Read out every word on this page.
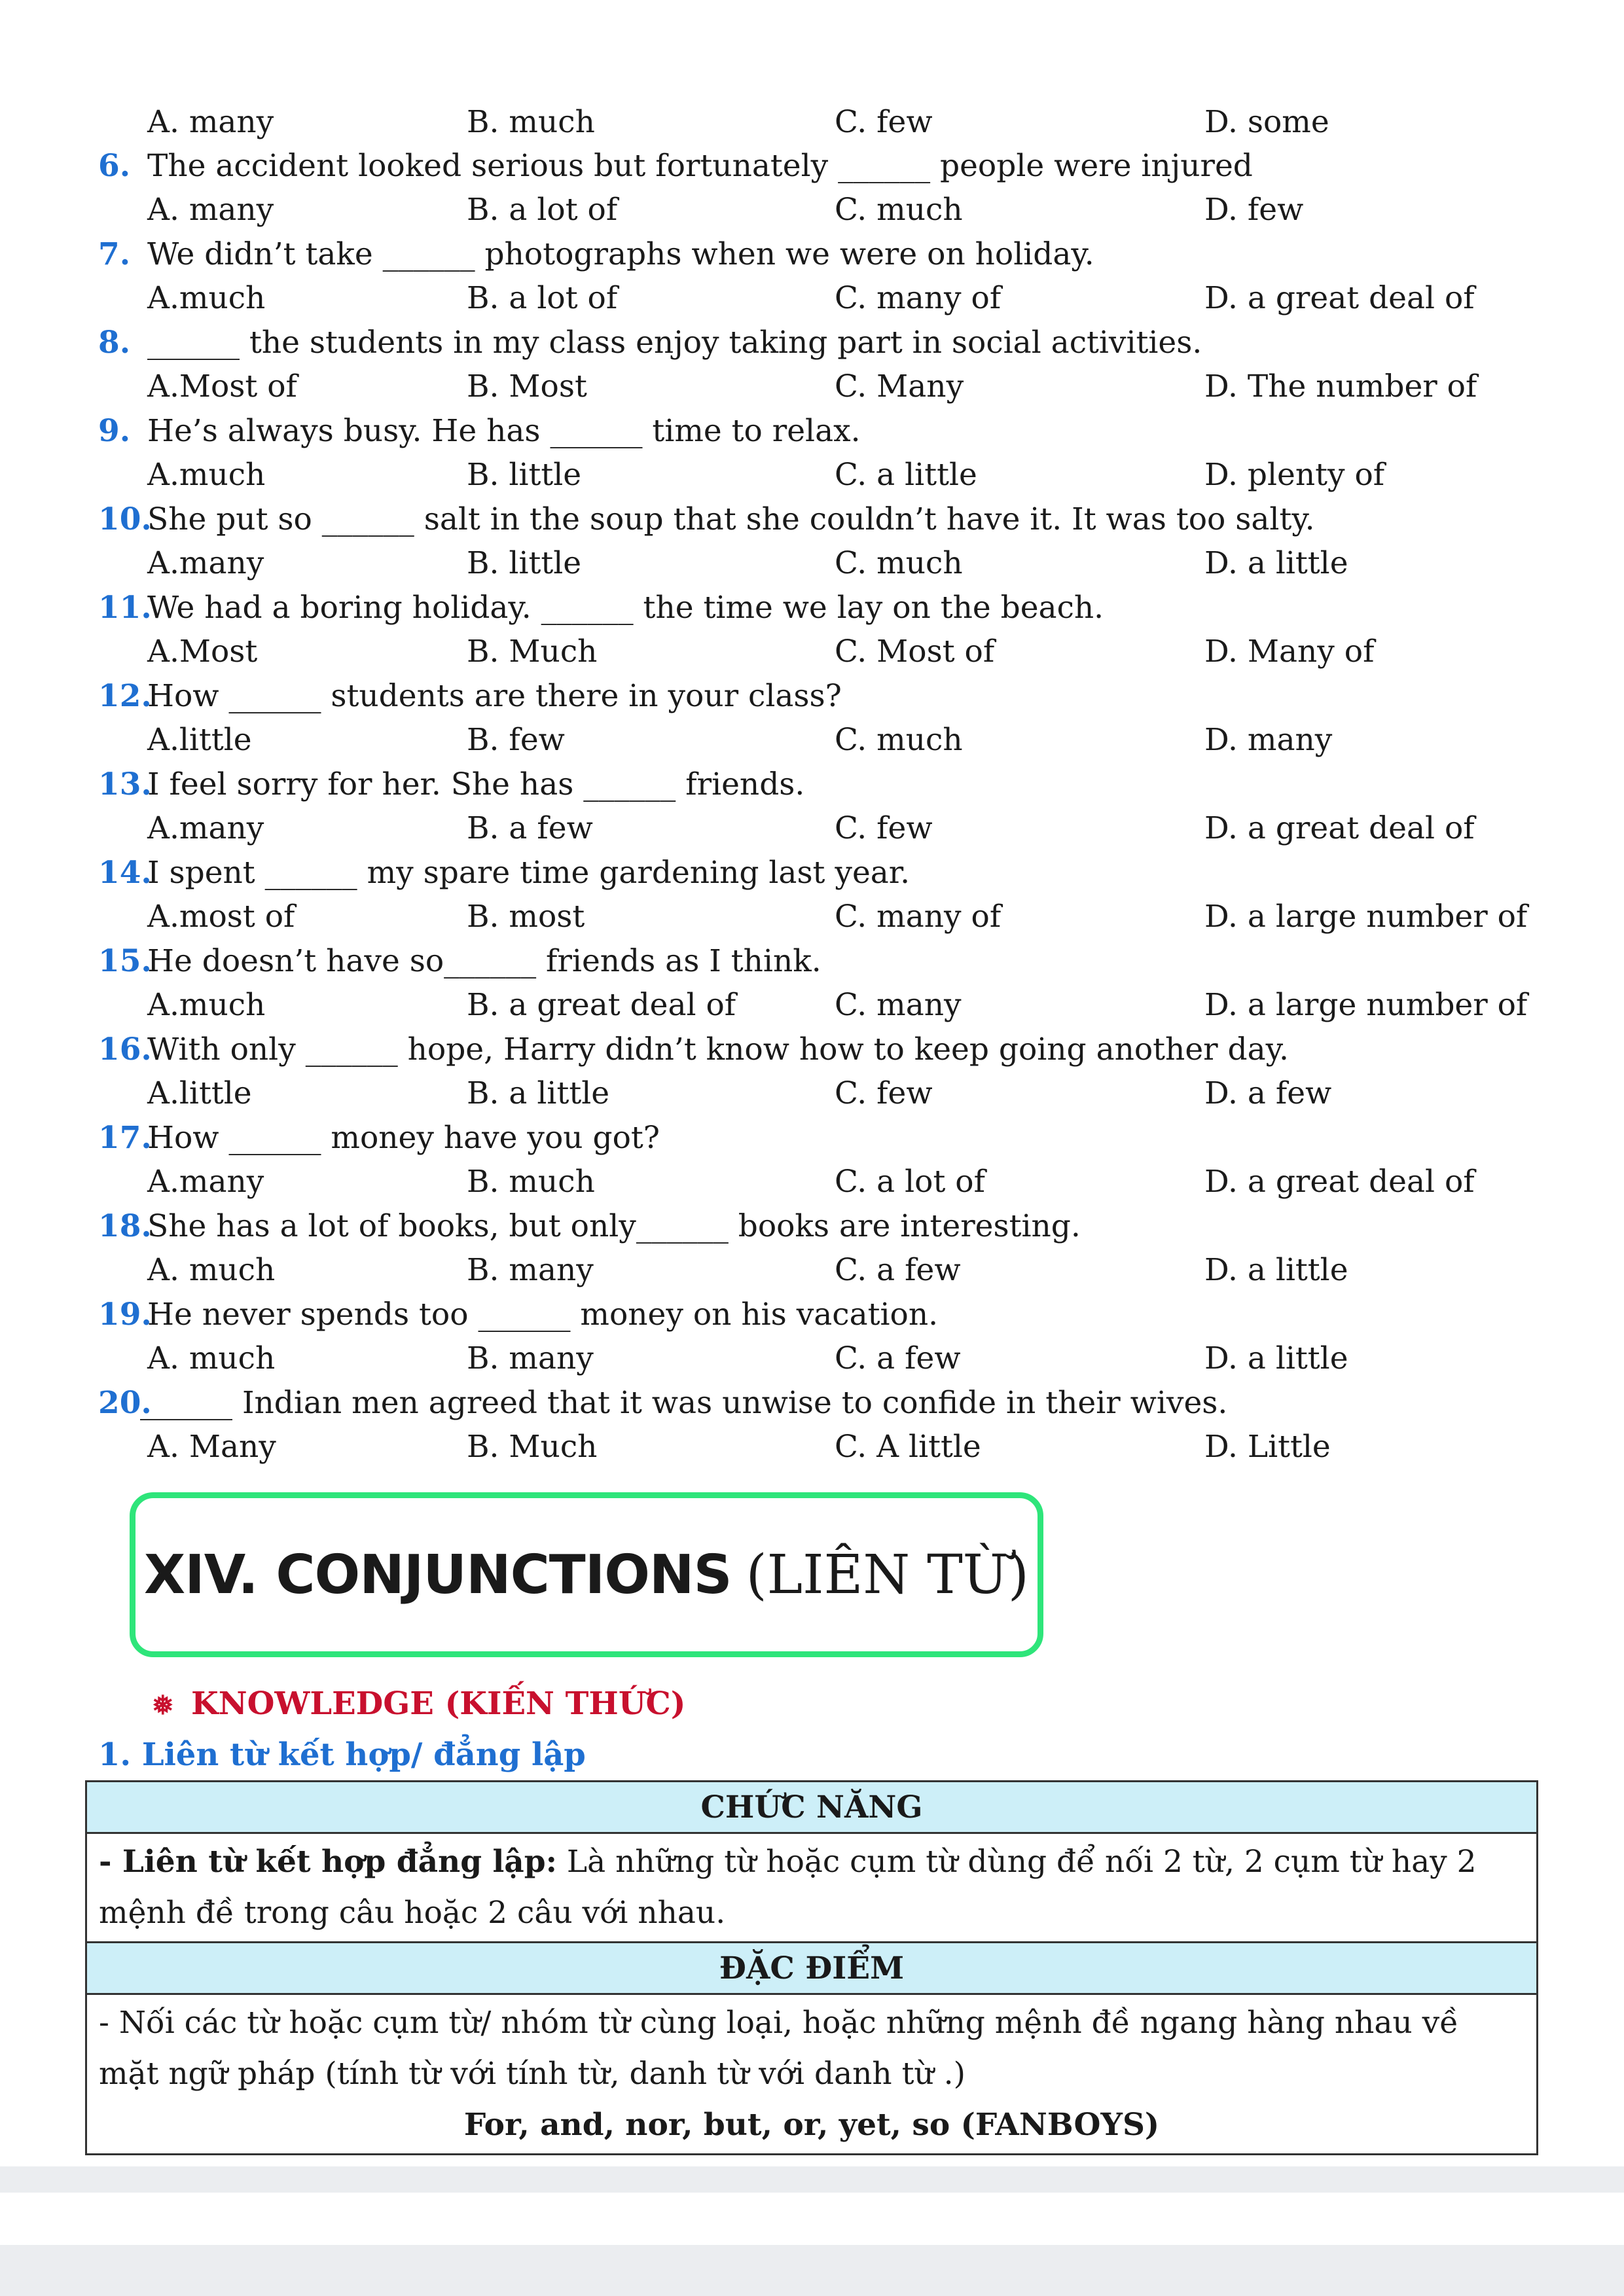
A. many	B. much	C. few	D. some
6. The accident looked serious but fortunately ______ people were injured
A. many	B. a lot of	C. much	D. few
7. We didn’t take ______ photographs when we were on holiday.
A.much	B. a lot of	C. many of	D. a great deal of
8. ______ the students in my class enjoy taking part in social activities.
A.Most of	B. Most	C. Many	D. The number of
9. He’s always busy. He has ______ time to relax.
A.much	B. little	C. a little	D. plenty of
10.
She put so ______ salt in the soup that she couldn’t have it. It was too salty.
A.many	B. little	C. much	D. a little
11.
We had a boring holiday. ______ the time we lay on the beach.
A.Most	B. Much	C. Most of	D. Many of
12.
How ______ students are there in your class?
A.little	B. few	C. much	D. many
13.
I feel sorry for her. She has ______ friends.
A.many	B. a few	C. few	D. a great deal of
14.
I spent ______ my spare time gardening last year.
A.most of	B. most	C. many of	D. a large number of
15.
He doesn’t have so______ friends as I think.
A.much	B. a great deal of	C. many	D. a large number of
16.
With only ______ hope, Harry didn’t know how to keep going another day.
A.little	B. a little	C. few	D. a few
17.
How ______ money have you got?
A.many	B. much	C. a lot of	D. a great deal of
18.
She has a lot of books, but only______ books are interesting.
A. much	B. many	C. a few	D. a little
19.
He never spends too ______ money on his vacation.
A. much	B. many	C. a few	D. a little
20.
______ Indian men agreed that it was unwise to confide in their wives.
A. Many	B. Much	C. A little	D. Little
XIV. CONJUNCTIONS (LIÊN TỪ)
❅ KNOWLEDGE (KIẾN THỨC)
1. Liên từ kết hợp/ đẳng lập
CHỨC NĂNG
- Liên từ kết hợp đẳng lập: Là những từ hoặc cụm từ dùng để nối 2 từ, 2 cụm từ hay 2 mệnh đề trong câu hoặc 2 câu với nhau.
ĐẶC ĐIỂM
- Nối các từ hoặc cụm từ/ nhóm từ cùng loại, hoặc những mệnh đề ngang hàng nhau về mặt ngữ pháp (tính từ với tính từ, danh từ với danh từ .)
For, and, nor, but, or, yet, so (FANBOYS)
